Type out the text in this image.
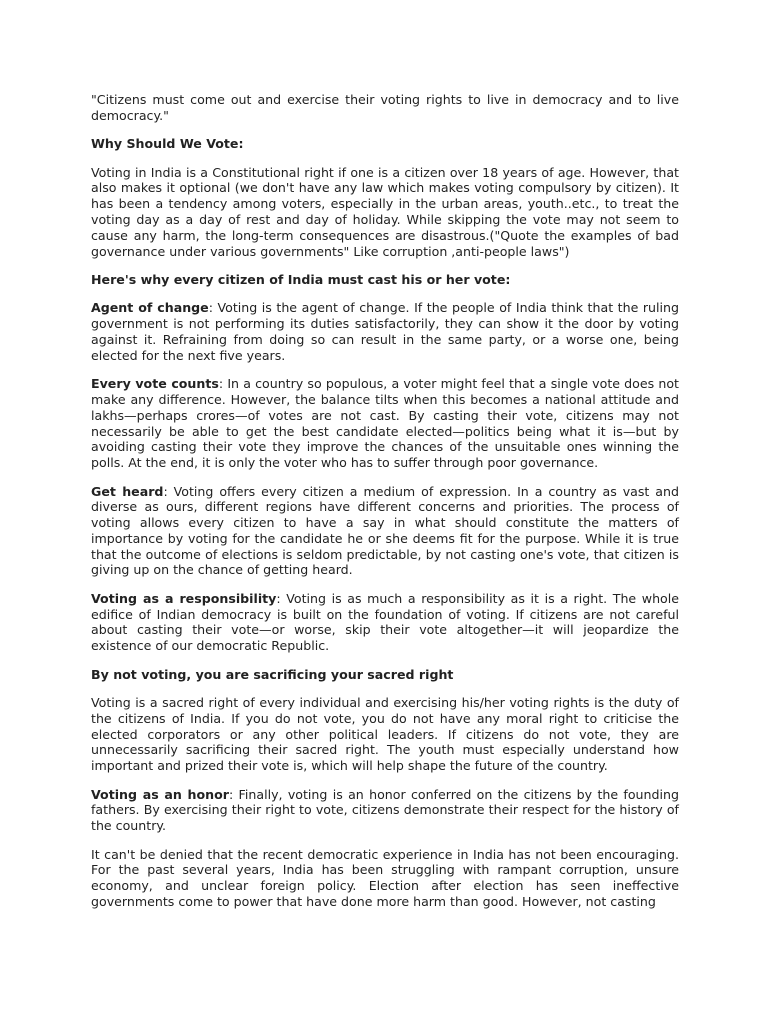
"Citizens must come out and exercise their voting rights to live in democracy and to live democracy."

Why Should We Vote:

Voting in India is a Constitutional right if one is a citizen over 18 years of age. However, that also makes it optional (we don't have any law which makes voting compulsory by citizen). It has been a tendency among voters, especially in the urban areas, youth..etc., to treat the voting day as a day of rest and day of holiday. While skipping the vote may not seem to cause any harm, the long-term consequences are disastrous.("Quote the examples of bad governance under various governments" Like corruption ,anti-people laws")

Here's why every citizen of India must cast his or her vote:

Agent of change: Voting is the agent of change. If the people of India think that the ruling government is not performing its duties satisfactorily, they can show it the door by voting against it. Refraining from doing so can result in the same party, or a worse one, being elected for the next five years.

Every vote counts: In a country so populous, a voter might feel that a single vote does not make any difference. However, the balance tilts when this becomes a national attitude and lakhs—perhaps crores—of votes are not cast. By casting their vote, citizens may not necessarily be able to get the best candidate elected—politics being what it is—but by avoiding casting their vote they improve the chances of the unsuitable ones winning the polls. At the end, it is only the voter who has to suffer through poor governance.

Get heard: Voting offers every citizen a medium of expression. In a country as vast and diverse as ours, different regions have different concerns and priorities. The process of voting allows every citizen to have a say in what should constitute the matters of importance by voting for the candidate he or she deems fit for the purpose. While it is true that the outcome of elections is seldom predictable, by not casting one's vote, that citizen is giving up on the chance of getting heard.

Voting as a responsibility: Voting is as much a responsibility as it is a right. The whole edifice of Indian democracy is built on the foundation of voting. If citizens are not careful about casting their vote—or worse, skip their vote altogether—it will jeopardize the existence of our democratic Republic.

By not voting, you are sacrificing your sacred right

Voting is a sacred right of every individual and exercising his/her voting rights is the duty of the citizens of India. If you do not vote, you do not have any moral right to criticise the elected corporators or any other political leaders. If citizens do not vote, they are unnecessarily sacrificing their sacred right. The youth must especially understand how important and prized their vote is, which will help shape the future of the country.

Voting as an honor: Finally, voting is an honor conferred on the citizens by the founding fathers. By exercising their right to vote, citizens demonstrate their respect for the history of the country.

It can't be denied that the recent democratic experience in India has not been encouraging. For the past several years, India has been struggling with rampant corruption, unsure economy, and unclear foreign policy. Election after election has seen ineffective governments come to power that have done more harm than good. However, not casting
